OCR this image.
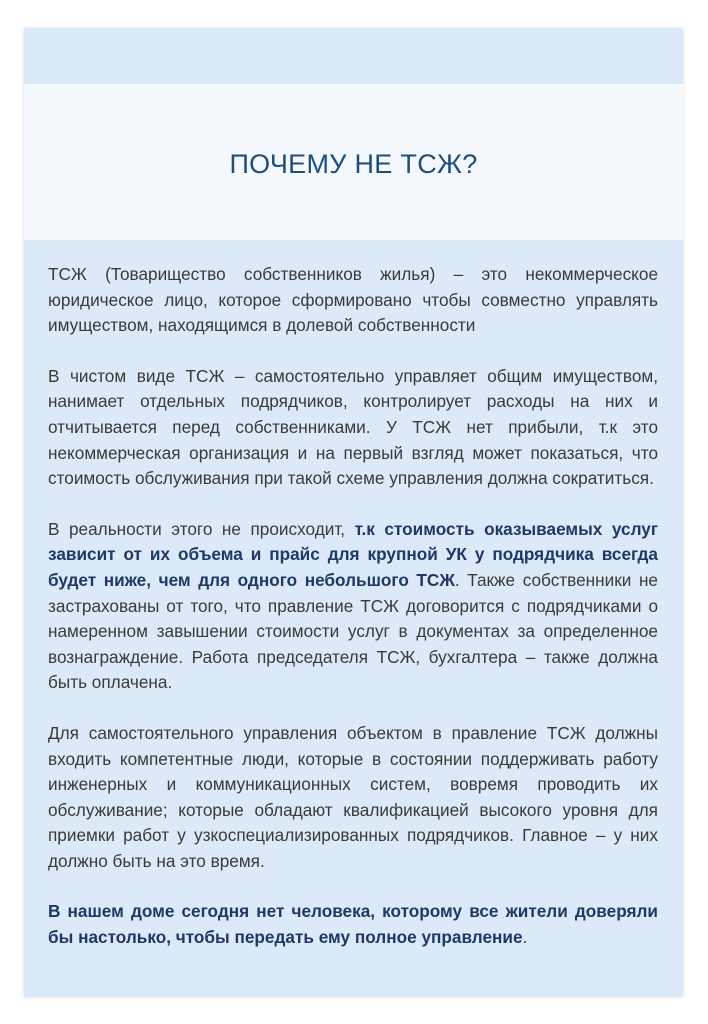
ПОЧЕМУ НЕ ТСЖ?

ТСЖ (Товарищество собственников жилья) – это некоммерческое юридическое лицо, которое сформировано чтобы совместно управлять имуществом, находящимся в долевой собственности

В чистом виде ТСЖ – самостоятельно управляет общим имуществом, нанимает отдельных подрядчиков, контролирует расходы на них и отчитывается перед собственниками. У ТСЖ нет прибыли, т.к это некоммерческая организация и на первый взгляд может показаться, что стоимость обслуживания при такой схеме управления должна сократиться.

В реальности этого не происходит, т.к стоимость оказываемых услуг зависит от их объема и прайс для крупной УК у подрядчика всегда будет ниже, чем для одного небольшого ТСЖ. Также собственники не застрахованы от того, что правление ТСЖ договорится с подрядчиками о намеренном завышении стоимости услуг в документах за определенное вознаграждение. Работа председателя ТСЖ, бухгалтера – также должна быть оплачена.

Для самостоятельного управления объектом в правление ТСЖ должны входить компетентные люди, которые в состоянии поддерживать работу инженерных и коммуникационных систем, вовремя проводить их обслуживание; которые обладают квалификацией высокого уровня для приемки работ у узкоспециализированных подрядчиков. Главное – у них должно быть на это время.

В нашем доме сегодня нет человека, которому все жители доверяли бы настолько, чтобы передать ему полное управление.
